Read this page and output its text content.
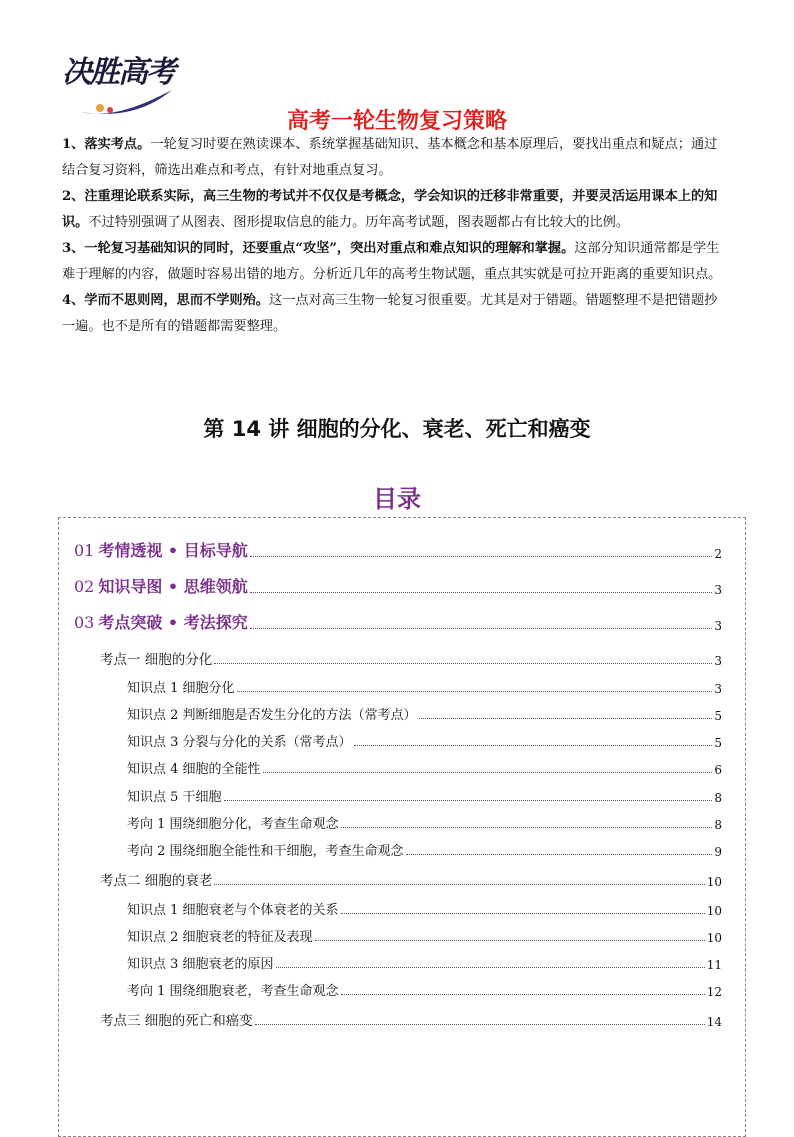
决胜高考
高考一轮生物复习策略

1、落实考点。一轮复习时要在熟读课本、系统掌握基础知识、基本概念和基本原理后，要找出重点和疑点；通过结合复习资料，筛选出难点和考点，有针对地重点复习。

2、注重理论联系实际，高三生物的考试并不仅仅是考概念，学会知识的迁移非常重要，并要灵活运用课本上的知识。不过特别强调了从图表、图形提取信息的能力。历年高考试题，图表题都占有比较大的比例。

3、一轮复习基础知识的同时，还要重点“攻坚”，突出对重点和难点知识的理解和掌握。这部分知识通常都是学生难于理解的内容，做题时容易出错的地方。分析近几年的高考生物试题，重点其实就是可拉开距离的重要知识点。

4、学而不思则罔，思而不学则殆。这一点对高三生物一轮复习很重要。尤其是对于错题。错题整理不是把错题抄一遍。也不是所有的错题都需要整理。

第 14 讲 细胞的分化、衰老、死亡和癌变
目录
01 考情透视 • 目标导航	2
02 知识导图 • 思维领航	3
03 考点突破 • 考法探究	3
考点一 细胞的分化	3
知识点 1 细胞分化	3
知识点 2 判断细胞是否发生分化的方法（常考点）	5
知识点 3 分裂与分化的关系（常考点）	5
知识点 4 细胞的全能性	6
知识点 5 干细胞	8
考向 1 围绕细胞分化，考查生命观念	8
考向 2 围绕细胞全能性和干细胞，考查生命观念	9
考点二 细胞的衰老	10
知识点 1 细胞衰老与个体衰老的关系	10
知识点 2 细胞衰老的特征及表现	10
知识点 3 细胞衰老的原因	11
考向 1 围绕细胞衰老，考查生命观念	12
考点三 细胞的死亡和癌变	14
